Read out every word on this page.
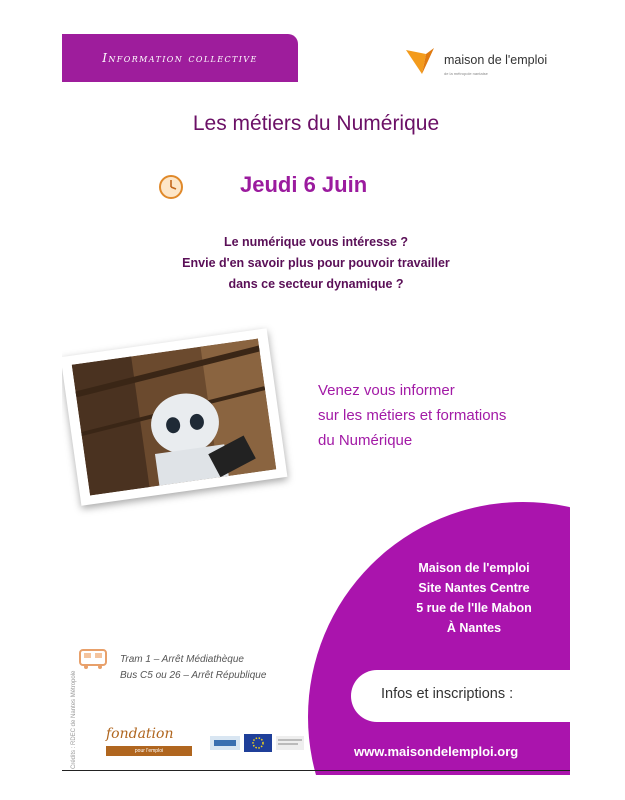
Information collective	maison de l'emploi
de la métropole nantaise
Les métiers du Numérique
Jeudi 6 Juin
Le numérique vous intéresse ?
Envie d'en savoir plus pour pouvoir travailler
dans ce secteur dynamique ?
Venez vous informer
sur les métiers et formations
du Numérique
Maison de l'emploi
Site Nantes Centre
5 rue de l'Ile Mabon
À Nantes
Infos et inscriptions :
www.maisondelemploi.org
Crédits : RDEC de Nantes Métropole
Tram 1 – Arrêt Médiathèque
Bus C5 ou 26 – Arrêt République
fondation
pour l'emploi
